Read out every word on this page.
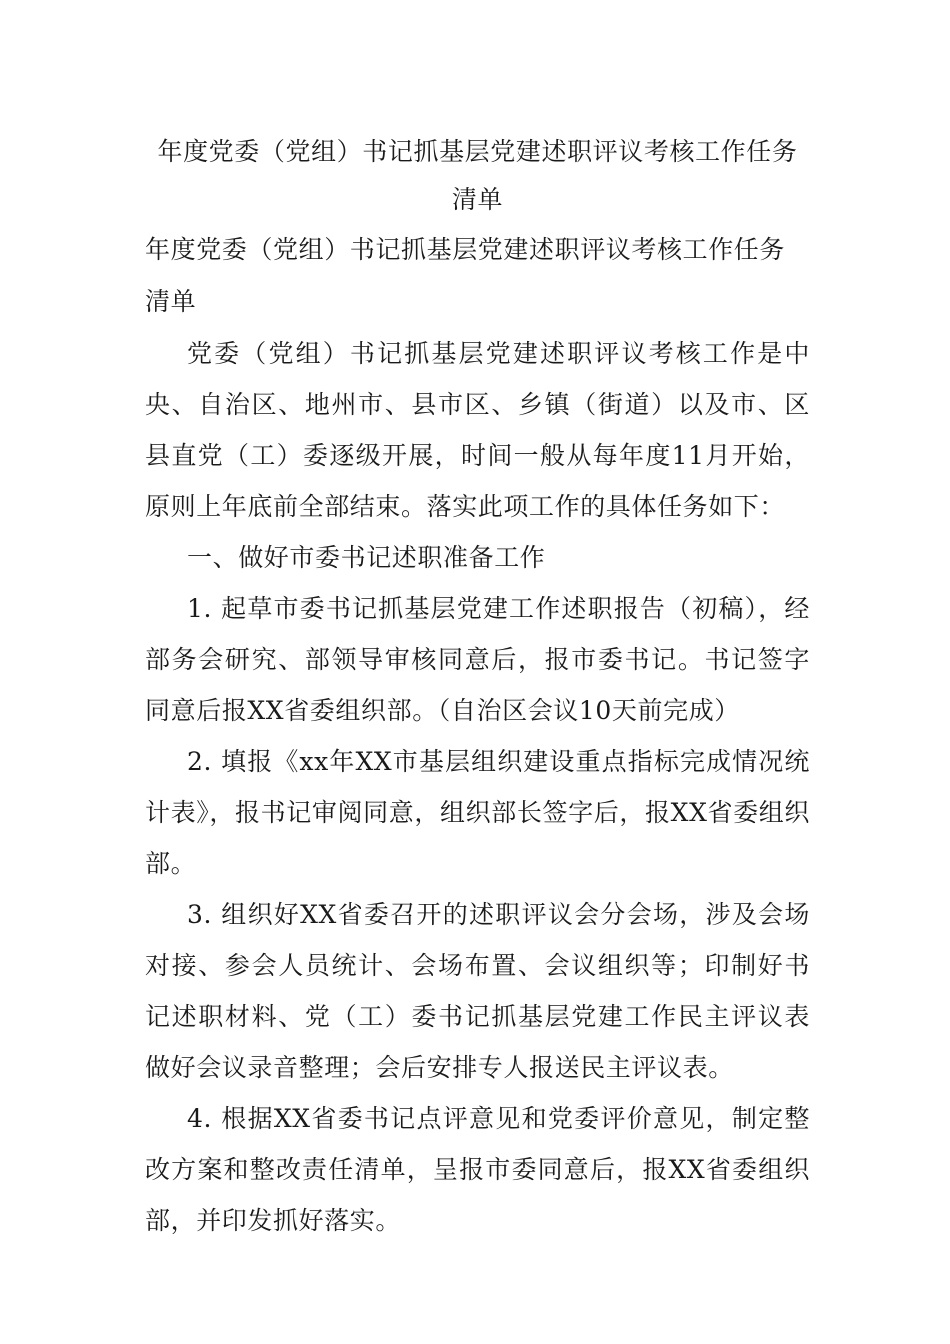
年度党委（党组）书记抓基层党建述职评议考核工作任务清单

年度党委（党组）书记抓基层党建述职评议考核工作任务清单

党委（党组）书记抓基层党建述职评议考核工作是中央、自治区、地州市、县市区、乡镇（街道）以及市、区县直党（工）委逐级开展，时间一般从每年度11月开始，原则上年底前全部结束。落实此项工作的具体任务如下：

一、做好市委书记述职准备工作

1. 起草市委书记抓基层党建工作述职报告（初稿），经部务会研究、部领导审核同意后，报市委书记。书记签字同意后报XX省委组织部。（自治区会议10天前完成）

2. 填报《xx年XX市基层组织建设重点指标完成情况统计表》，报书记审阅同意，组织部长签字后，报XX省委组织部。

3. 组织好XX省委召开的述职评议会分会场，涉及会场对接、参会人员统计、会场布置、会议组织等；印制好书记述职材料、党（工）委书记抓基层党建工作民主评议表做好会议录音整理；会后安排专人报送民主评议表。

4. 根据XX省委书记点评意见和党委评价意见，制定整改方案和整改责任清单，呈报市委同意后，报XX省委组织部，并印发抓好落实。
